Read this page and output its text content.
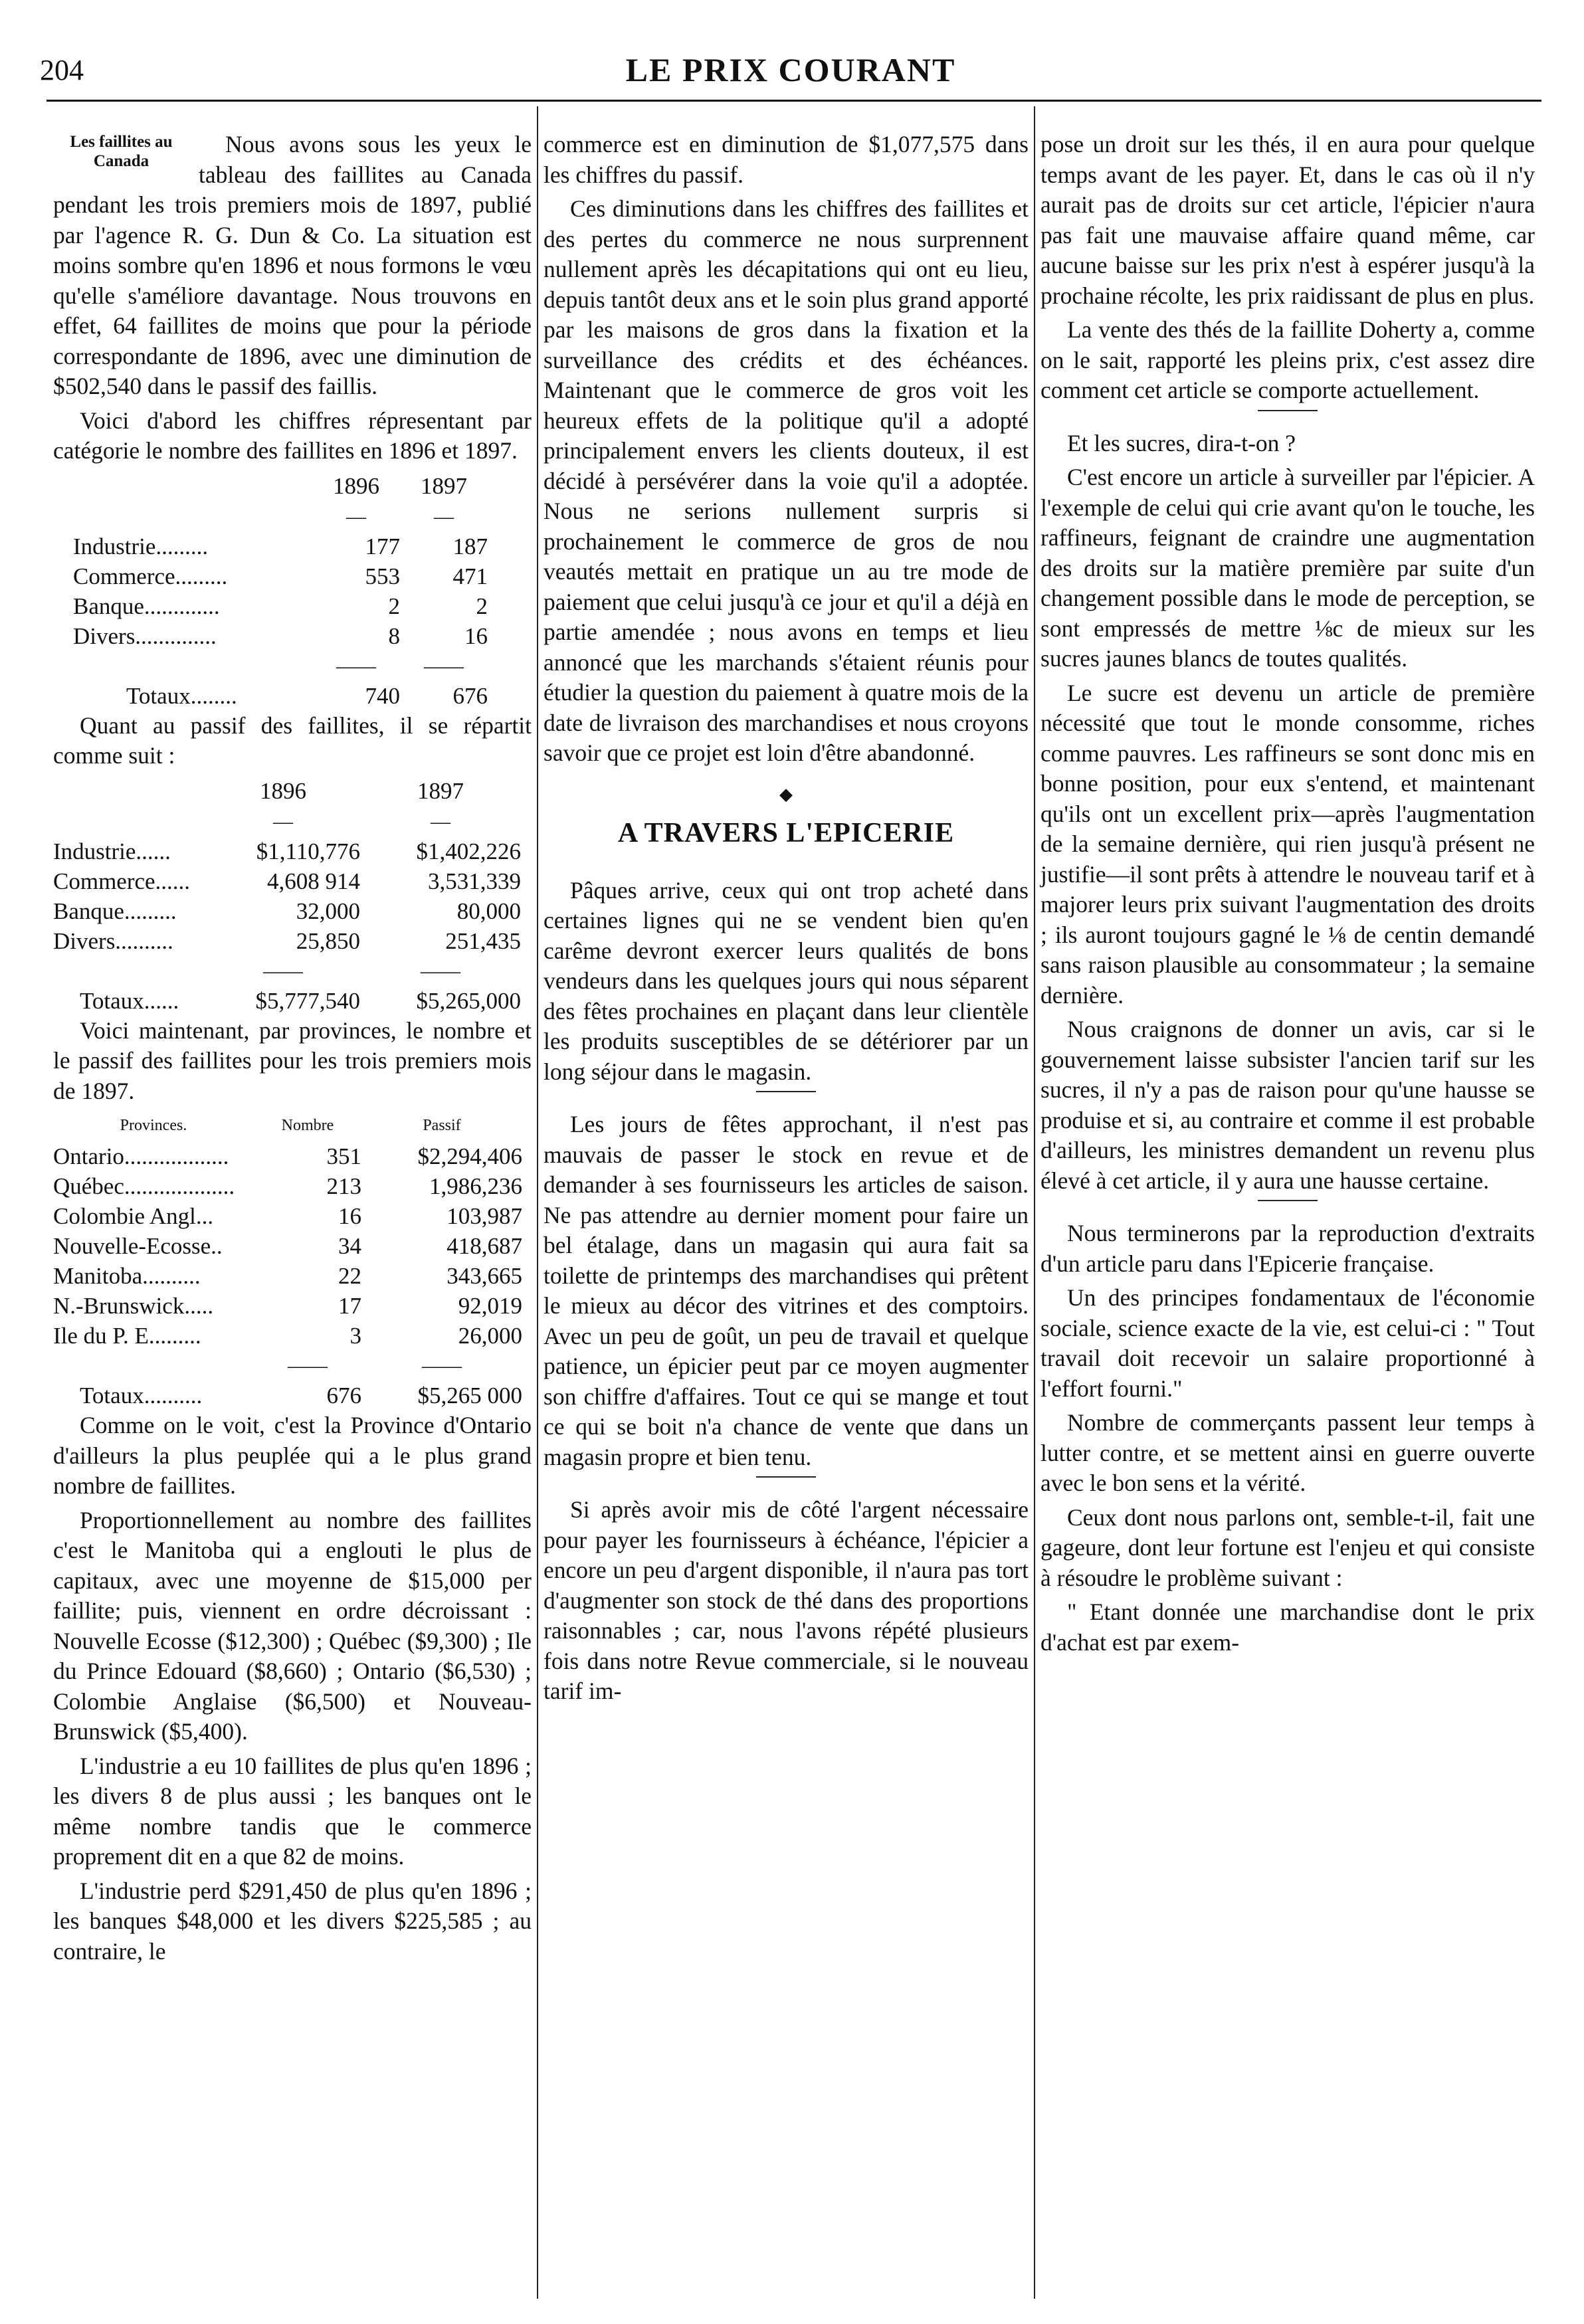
204	LE PRIX COURANT
Les faillites au Canada

Nous avons sous les yeux le tableau des faillites au Canada pendant les trois premiers mois de 1897, publié par l'agence R. G. Dun & Co. La situation est moins sombre qu'en 1896 et nous formons le vœu qu'elle s'améliore davantage. Nous trouvons en effet, 64 faillites de moins que pour la période correspondante de 1896, avec une diminution de $502,540 dans le passif des faillis.

Voici d'abord les chiffres répresentant par catégorie le nombre des faillites en 1896 et 1897.

	1896	1897
	—	—
Industrie.........	177	187
Commerce.........	553	471
Banque.............	2	2
Divers..............	8	16
	——	——
Totaux........	740	676

Quant au passif des faillites, il se répartit comme suit :

	1896	1897
	—	—
Industrie......	$1,110,776	$1,402,226
Commerce......	4,608 914	3,531,339
Banque.........	32,000	80,000
Divers..........	25,850	251,435
	——	——
Totaux......	$5,777,540	$5,265,000

Voici maintenant, par provinces, le nombre et le passif des faillites pour les trois premiers mois de 1897.

Provinces.	Nombre	Passif
Ontario..................	351	$2,294,406
Québec...................	213	1,986,236
Colombie Angl...	16	103,987
Nouvelle-Ecosse..	34	418,687
Manitoba..........	22	343,665
N.-Brunswick.....	17	92,019
Ile du P. E.........	3	26,000
	——	——
Totaux..........	676	$5,265 000

Comme on le voit, c'est la Province d'Ontario d'ailleurs la plus peuplée qui a le plus grand nombre de faillites.

Proportionnellement au nombre des faillites c'est le Manitoba qui a englouti le plus de capitaux, avec une moyenne de $15,000 per faillite; puis, viennent en ordre décroissant : Nouvelle Ecosse ($12,300) ; Québec ($9,300) ; Ile du Prince Edouard ($8,660) ; Ontario ($6,530) ; Colombie Anglaise ($6,500) et Nouveau-Brunswick ($5,400).

L'industrie a eu 10 faillites de plus qu'en 1896 ; les divers 8 de plus aussi ; les banques ont le même nombre tandis que le commerce proprement dit en a que 82 de moins.

L'industrie perd $291,450 de plus qu'en 1896 ; les banques $48,000 et les divers $225,585 ; au contraire, le

commerce est en diminution de $1,077,575 dans les chiffres du passif.

Ces diminutions dans les chiffres des faillites et des pertes du commerce ne nous surprennent nullement après les décapitations qui ont eu lieu, depuis tantôt deux ans et le soin plus grand apporté par les maisons de gros dans la fixation et la surveillance des crédits et des échéances. Maintenant que le commerce de gros voit les heureux effets de la politique qu'il a adopté principalement envers les clients douteux, il est décidé à persévérer dans la voie qu'il a adoptée. Nous ne serions nullement surpris si prochainement le commerce de gros de nou veautés mettait en pratique un au tre mode de paiement que celui jusqu'à ce jour et qu'il a déjà en partie amendée ; nous avons en temps et lieu annoncé que les marchands s'étaient réunis pour étudier la question du paiement à quatre mois de la date de livraison des marchandises et nous croyons savoir que ce projet est loin d'être abandonné.

◆
A TRAVERS L'EPICERIE

Pâques arrive, ceux qui ont trop acheté dans certaines lignes qui ne se vendent bien qu'en carême devront exercer leurs qualités de bons vendeurs dans les quelques jours qui nous séparent des fêtes prochaines en plaçant dans leur clientèle les produits susceptibles de se détériorer par un long séjour dans le magasin.

Les jours de fêtes approchant, il n'est pas mauvais de passer le stock en revue et de demander à ses fournisseurs les articles de saison. Ne pas attendre au dernier moment pour faire un bel étalage, dans un magasin qui aura fait sa toilette de printemps des marchandises qui prêtent le mieux au décor des vitrines et des comptoirs. Avec un peu de goût, un peu de travail et quelque patience, un épicier peut par ce moyen augmenter son chiffre d'affaires. Tout ce qui se mange et tout ce qui se boit n'a chance de vente que dans un magasin propre et bien tenu.

Si après avoir mis de côté l'argent nécessaire pour payer les fournisseurs à échéance, l'épicier a encore un peu d'argent disponible, il n'aura pas tort d'augmenter son stock de thé dans des proportions raisonnables ; car, nous l'avons répété plusieurs fois dans notre Revue commerciale, si le nouveau tarif im-

pose un droit sur les thés, il en aura pour quelque temps avant de les payer. Et, dans le cas où il n'y aurait pas de droits sur cet article, l'épicier n'aura pas fait une mauvaise affaire quand même, car aucune baisse sur les prix n'est à espérer jusqu'à la prochaine récolte, les prix raidissant de plus en plus.

La vente des thés de la faillite Doherty a, comme on le sait, rapporté les pleins prix, c'est assez dire comment cet article se comporte actuellement.

Et les sucres, dira-t-on ?

C'est encore un article à surveiller par l'épicier. A l'exemple de celui qui crie avant qu'on le touche, les raffineurs, feignant de craindre une augmentation des droits sur la matière première par suite d'un changement possible dans le mode de perception, se sont empressés de mettre ⅛c de mieux sur les sucres jaunes blancs de toutes qualités.

Le sucre est devenu un article de première nécessité que tout le monde consomme, riches comme pauvres. Les raffineurs se sont donc mis en bonne position, pour eux s'entend, et maintenant qu'ils ont un excellent prix—après l'augmentation de la semaine dernière, qui rien jusqu'à présent ne justifie—il sont prêts à attendre le nouveau tarif et à majorer leurs prix suivant l'augmentation des droits ; ils auront toujours gagné le ⅛ de centin demandé sans raison plausible au consommateur ; la semaine dernière.

Nous craignons de donner un avis, car si le gouvernement laisse subsister l'ancien tarif sur les sucres, il n'y a pas de raison pour qu'une hausse se produise et si, au contraire et comme il est probable d'ailleurs, les ministres demandent un revenu plus élevé à cet article, il y aura une hausse certaine.

Nous terminerons par la reproduction d'extraits d'un article paru dans l'Epicerie française.

Un des principes fondamentaux de l'économie sociale, science exacte de la vie, est celui-ci : " Tout travail doit recevoir un salaire proportionné à l'effort fourni."

Nombre de commerçants passent leur temps à lutter contre, et se mettent ainsi en guerre ouverte avec le bon sens et la vérité.

Ceux dont nous parlons ont, semble-t-il, fait une gageure, dont leur fortune est l'enjeu et qui consiste à résoudre le problème suivant :

" Etant donnée une marchandise dont le prix d'achat est par exem-
